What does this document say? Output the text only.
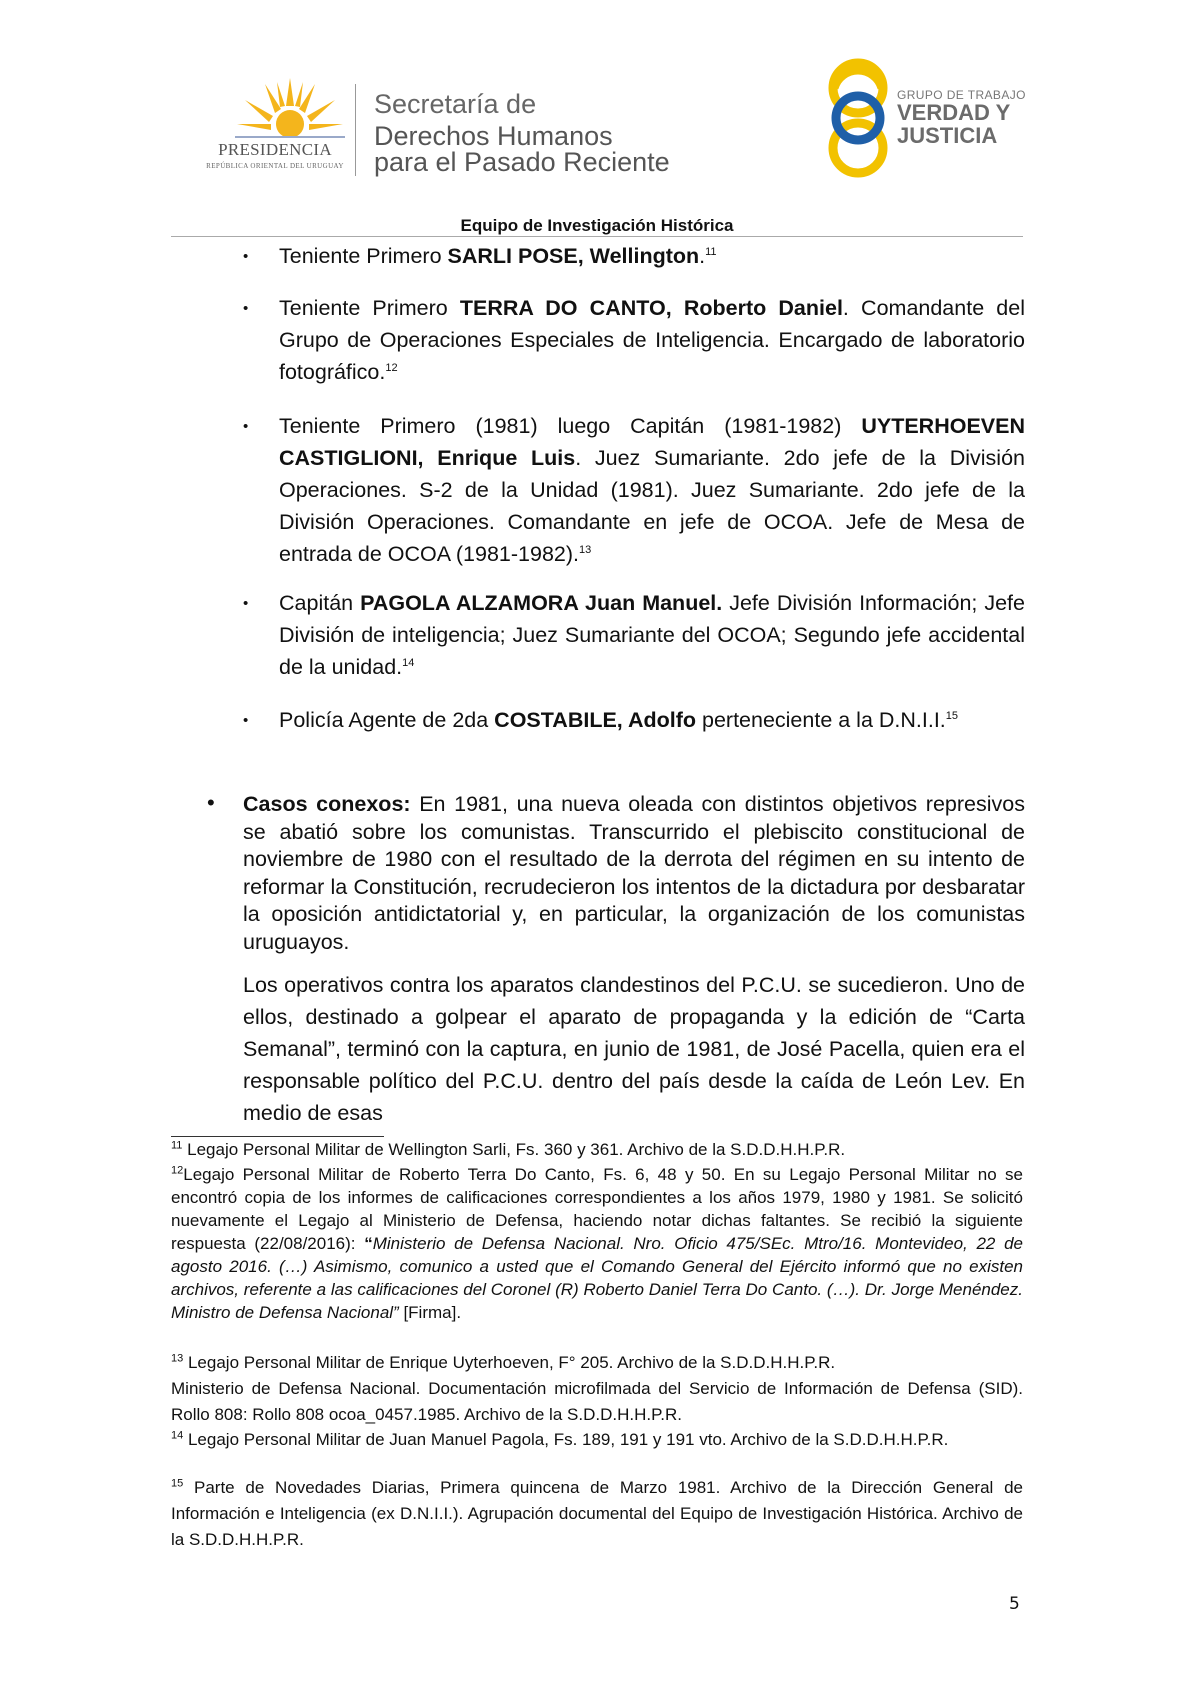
PRESIDENCIA
REPÚBLICA ORIENTAL DEL URUGUAY
Secretaría de
Derechos Humanos
para el Pasado Reciente
GRUPO DE TRABAJO
VERDAD Y
JUSTICIA
Equipo de Investigación Histórica
• Teniente Primero SARLI POSE, Wellington.$^{11}$
• Teniente Primero TERRA DO CANTO, Roberto Daniel. Comandante del Grupo de Operaciones Especiales de Inteligencia. Encargado de laboratorio fotográfico.$^{12}$
• Teniente Primero (1981) luego Capitán (1981-1982) UYTERHOEVEN CASTIGLIONI, Enrique Luis. Juez Sumariante. 2do jefe de la División Operaciones. S-2 de la Unidad (1981). Juez Sumariante. 2do jefe de la División Operaciones. Comandante en jefe de OCOA. Jefe de Mesa de entrada de OCOA (1981-1982).$^{13}$
• Capitán PAGOLA ALZAMORA Juan Manuel. Jefe División Información; Jefe División de inteligencia; Juez Sumariante del OCOA; Segundo jefe accidental de la unidad.$^{14}$
• Policía Agente de 2da COSTABILE, Adolfo perteneciente a la D.N.I.I.$^{15}$
• Casos conexos: En 1981, una nueva oleada con distintos objetivos represivos se abatió sobre los comunistas. Transcurrido el plebiscito constitucional de noviembre de 1980 con el resultado de la derrota del régimen en su intento de reformar la Constitución, recrudecieron los intentos de la dictadura por desbaratar la oposición antidictatorial y, en particular, la organización de los comunistas uruguayos.
Los operativos contra los aparatos clandestinos del P.C.U. se sucedieron. Uno de ellos, destinado a golpear el aparato de propaganda y la edición de “Carta Semanal”, terminó con la captura, en junio de 1981, de José Pacella, quien era el responsable político del P.C.U. dentro del país desde la caída de León Lev. En medio de esas
$^{11}$ Legajo Personal Militar de Wellington Sarli, Fs. 360 y 361. Archivo de la S.D.D.H.H.P.R.
$^{12}$Legajo Personal Militar de Roberto Terra Do Canto, Fs. 6, 48 y 50. En su Legajo Personal Militar no se encontró copia de los informes de calificaciones correspondientes a los años 1979, 1980 y 1981. Se solicitó nuevamente el Legajo al Ministerio de Defensa, haciendo notar dichas faltantes. Se recibió la siguiente respuesta (22/08/2016): “Ministerio de Defensa Nacional. Nro. Oficio 475/SEc. Mtro/16. Montevideo, 22 de agosto 2016. (…) Asimismo, comunico a usted que el Comando General del Ejército informó que no existen archivos, referente a las calificaciones del Coronel (R) Roberto Daniel Terra Do Canto. (…). Dr. Jorge Menéndez. Ministro de Defensa Nacional” [Firma].
$^{13}$ Legajo Personal Militar de Enrique Uyterhoeven, F° 205. Archivo de la S.D.D.H.H.P.R.
Ministerio de Defensa Nacional. Documentación microfilmada del Servicio de Información de Defensa (SID). Rollo 808: Rollo 808 ocoa_0457.1985. Archivo de la S.D.D.H.H.P.R.
$^{14}$ Legajo Personal Militar de Juan Manuel Pagola, Fs. 189, 191 y 191 vto. Archivo de la S.D.D.H.H.P.R.
$^{15}$ Parte de Novedades Diarias, Primera quincena de Marzo 1981. Archivo de la Dirección General de Información e Inteligencia (ex D.N.I.I.). Agrupación documental del Equipo de Investigación Histórica. Archivo de la S.D.D.H.H.P.R.
5
